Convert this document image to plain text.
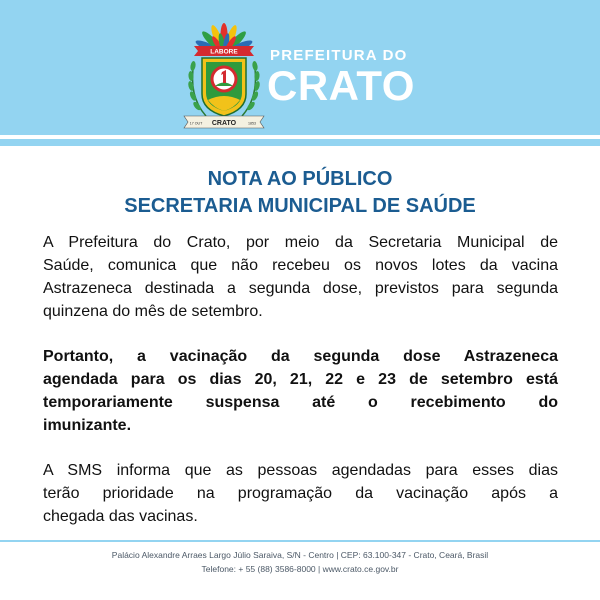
LABORE
CRATO
17 OUT	1853
PREFEITURA DO
CRATO
NOTA AO PÚBLICO
SECRETARIA MUNICIPAL DE SAÚDE
A Prefeitura do Crato, por meio da Secretaria Municipal de
Saúde, comunica que não recebeu os novos lotes da vacina
Astrazeneca destinada a segunda dose, previstos para segunda
quinzena do mês de setembro.
Portanto, a vacinação da segunda dose Astrazeneca
agendada para os dias 20, 21, 22 e 23 de setembro está
temporariamente suspensa até o recebimento do
imunizante.
A SMS informa que as pessoas agendadas para esses dias
terão prioridade na programação da vacinação após a
chegada das vacinas.
Palácio Alexandre Arraes Largo Júlio Saraiva, S/N - Centro | CEP: 63.100-347 - Crato, Ceará, Brasil
Telefone: + 55 (88) 3586-8000 | www.crato.ce.gov.br
